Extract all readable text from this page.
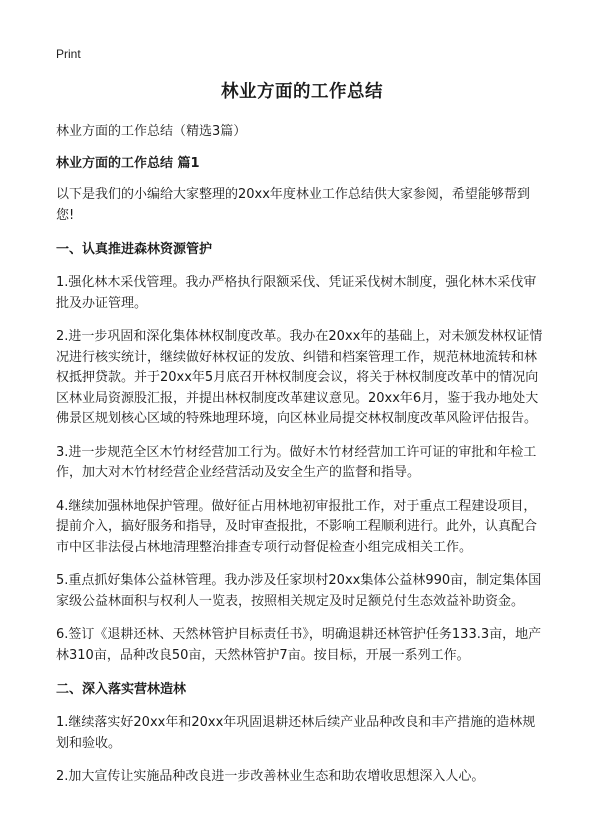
Print
林业方面的工作总结

林业方面的工作总结（精选3篇）

林业方面的工作总结 篇1

以下是我们的小编给大家整理的20xx年度林业工作总结供大家参阅，希望能够帮到您!

一、认真推进森林资源管护

1.强化林木采伐管理。我办严格执行限额采伐、凭证采伐树木制度，强化林木采伐审批及办证管理。

2.进一步巩固和深化集体林权制度改革。我办在20xx年的基础上，对未颁发林权证情况进行核实统计，继续做好林权证的发放、纠错和档案管理工作，规范林地流转和林权抵押贷款。并于20xx年5月底召开林权制度会议，将关于林权制度改革中的情况向区林业局资源股汇报，并提出林权制度改革建议意见。20xx年6月，鉴于我办地处大佛景区规划核心区域的特殊地理环境，向区林业局提交林权制度改革风险评估报告。

3.进一步规范全区木竹材经营加工行为。做好木竹材经营加工许可证的审批和年检工作，加大对木竹材经营企业经营活动及安全生产的监督和指导。

4.继续加强林地保护管理。做好征占用林地初审报批工作，对于重点工程建设项目，提前介入，搞好服务和指导，及时审查报批，不影响工程顺利进行。此外，认真配合市中区非法侵占林地清理整治排查专项行动督促检查小组完成相关工作。

5.重点抓好集体公益林管理。我办涉及任家坝村20xx集体公益林990亩，制定集体国家级公益林面积与权利人一览表，按照相关规定及时足额兑付生态效益补助资金。

6.签订《退耕还林、天然林管护目标责任书》，明确退耕还林管护任务133.3亩，地产林310亩，品种改良50亩，天然林管护7亩。按目标，开展一系列工作。

二、深入落实营林造林

1.继续落实好20xx年和20xx年巩固退耕还林后续产业品种改良和丰产措施的造林规划和验收。

2.加大宣传让实施品种改良进一步改善林业生态和助农增收思想深入人心。
